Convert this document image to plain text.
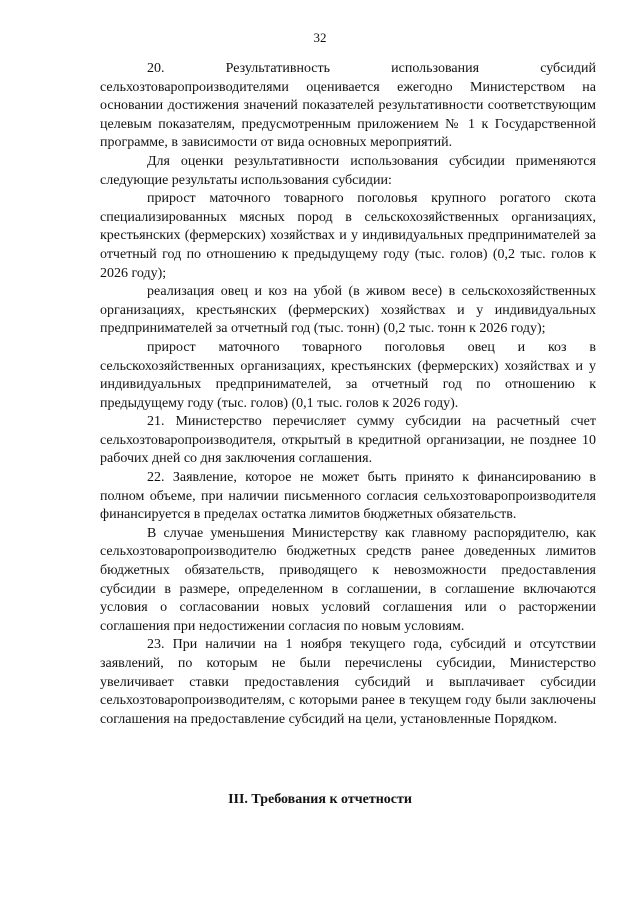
32

20. Результативность использования субсидий сельхозтоваропроизводителями оценивается ежегодно Министерством на основании достижения значений показателей результативности соответствующим целевым показателям, предусмотренным приложением № 1 к Государственной программе, в зависимости от вида основных мероприятий.

Для оценки результативности использования субсидии применяются следующие результаты использования субсидии:

прирост маточного товарного поголовья крупного рогатого скота специализированных мясных пород в сельскохозяйственных организациях, крестьянских (фермерских) хозяйствах и у индивидуальных предпринимателей за отчетный год по отношению к предыдущему году (тыс. голов) (0,2 тыс. голов к 2026 году);

реализация овец и коз на убой (в живом весе) в сельскохозяйственных организациях, крестьянских (фермерских) хозяйствах и у индивидуальных предпринимателей за отчетный год (тыс. тонн) (0,2 тыс. тонн к 2026 году);

прирост маточного товарного поголовья овец и коз в сельскохозяйственных организациях, крестьянских (фермерских) хозяйствах и у индивидуальных предпринимателей, за отчетный год по отношению к предыдущему году (тыс. голов) (0,1 тыс. голов к 2026 году).

21. Министерство перечисляет сумму субсидии на расчетный счет сельхозтоваропроизводителя, открытый в кредитной организации, не позднее 10 рабочих дней со дня заключения соглашения.

22. Заявление, которое не может быть принято к финансированию в полном объеме, при наличии письменного согласия сельхозтоваропроизводителя финансируется в пределах остатка лимитов бюджетных обязательств.

В случае уменьшения Министерству как главному распорядителю, как сельхозтоваропроизводителю бюджетных средств ранее доведенных лимитов бюджетных обязательств, приводящего к невозможности предоставления субсидии в размере, определенном в соглашении, в соглашение включаются условия о согласовании новых условий соглашения или о расторжении соглашения при недостижении согласия по новым условиям.

23. При наличии на 1 ноября текущего года, субсидий и отсутствии заявлений, по которым не были перечислены субсидии, Министерство увеличивает ставки предоставления субсидий и выплачивает субсидии сельхозтоваропроизводителям, с которыми ранее в текущем году были заключены соглашения на предоставление субсидий на цели, установленные Порядком.

III. Требования к отчетности
